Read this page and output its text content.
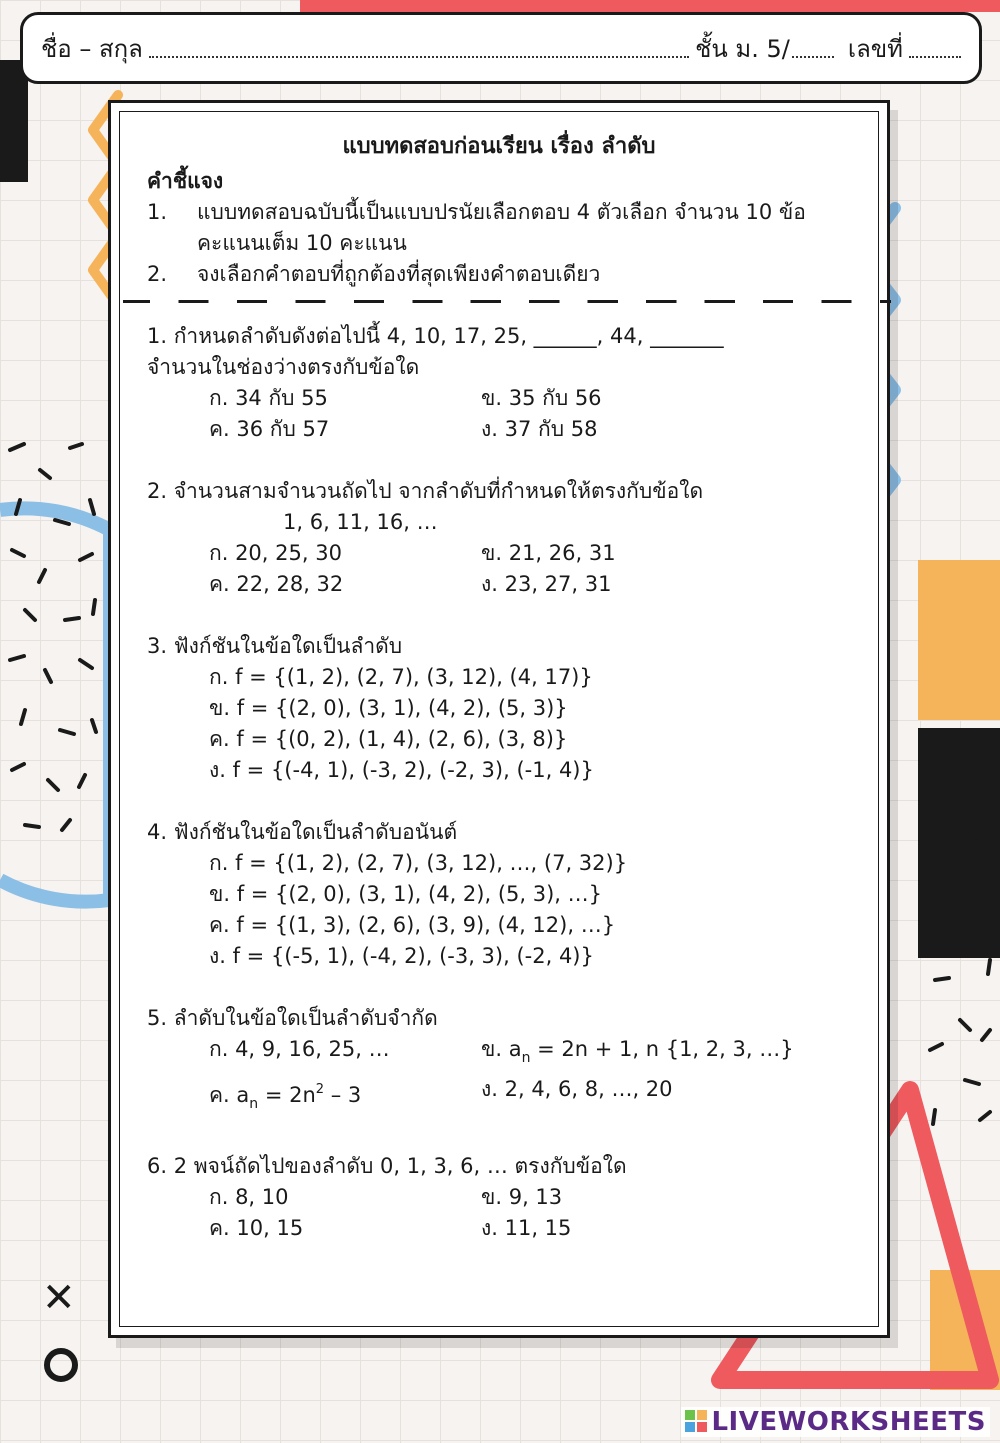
✕
ชื่อ – สกุล	ชั้น ม. 5/ เลขที่
แบบทดสอบก่อนเรียน เรื่อง ลำดับ
คำชี้แจง
1.	แบบทดสอบฉบับนี้เป็นแบบปรนัยเลือกตอบ 4 ตัวเลือก จำนวน 10 ข้อ
คะแนนเต็ม 10 คะแนน
2.	จงเลือกคำตอบที่ถูกต้องที่สุดเพียงคำตอบเดียว
1. กำหนดลำดับดังต่อไปนี้ 4, 10, 17, 25, ______, 44, _______
จำนวนในช่องว่างตรงกับข้อใด
ก. 34 กับ 55	ข. 35 กับ 56
ค. 36 กับ 57	ง. 37 กับ 58
2. จำนวนสามจำนวนถัดไป จากลำดับที่กำหนดให้ตรงกับข้อใด
1, 6, 11, 16, …
ก. 20, 25, 30	ข. 21, 26, 31
ค. 22, 28, 32	ง. 23, 27, 31
3. ฟังก์ชันในข้อใดเป็นลำดับ
ก. f = {(1, 2), (2, 7), (3, 12), (4, 17)}
ข. f = {(2, 0), (3, 1), (4, 2), (5, 3)}
ค. f = {(0, 2), (1, 4), (2, 6), (3, 8)}
ง. f = {(-4, 1), (-3, 2), (-2, 3), (-1, 4)}
4. ฟังก์ชันในข้อใดเป็นลำดับอนันต์
ก. f = {(1, 2), (2, 7), (3, 12), …, (7, 32)}
ข. f = {(2, 0), (3, 1), (4, 2), (5, 3), …}
ค. f = {(1, 3), (2, 6), (3, 9), (4, 12), …}
ง. f = {(-5, 1), (-4, 2), (-3, 3), (-2, 4)}
5. ลำดับในข้อใดเป็นลำดับจำกัด
ก. 4, 9, 16, 25, …	ข. $a_n = 2n + 1$, n {1, 2, 3, …}
ค. $a_n = 2n^2 - 3$	ง. 2, 4, 6, 8, …, 20
6. 2 พจน์ถัดไปของลำดับ 0, 1, 3, 6, … ตรงกับข้อใด
ก. 8, 10	ข. 9, 13
ค. 10, 15	ง. 11, 15
LIVEWORKSHEETS
